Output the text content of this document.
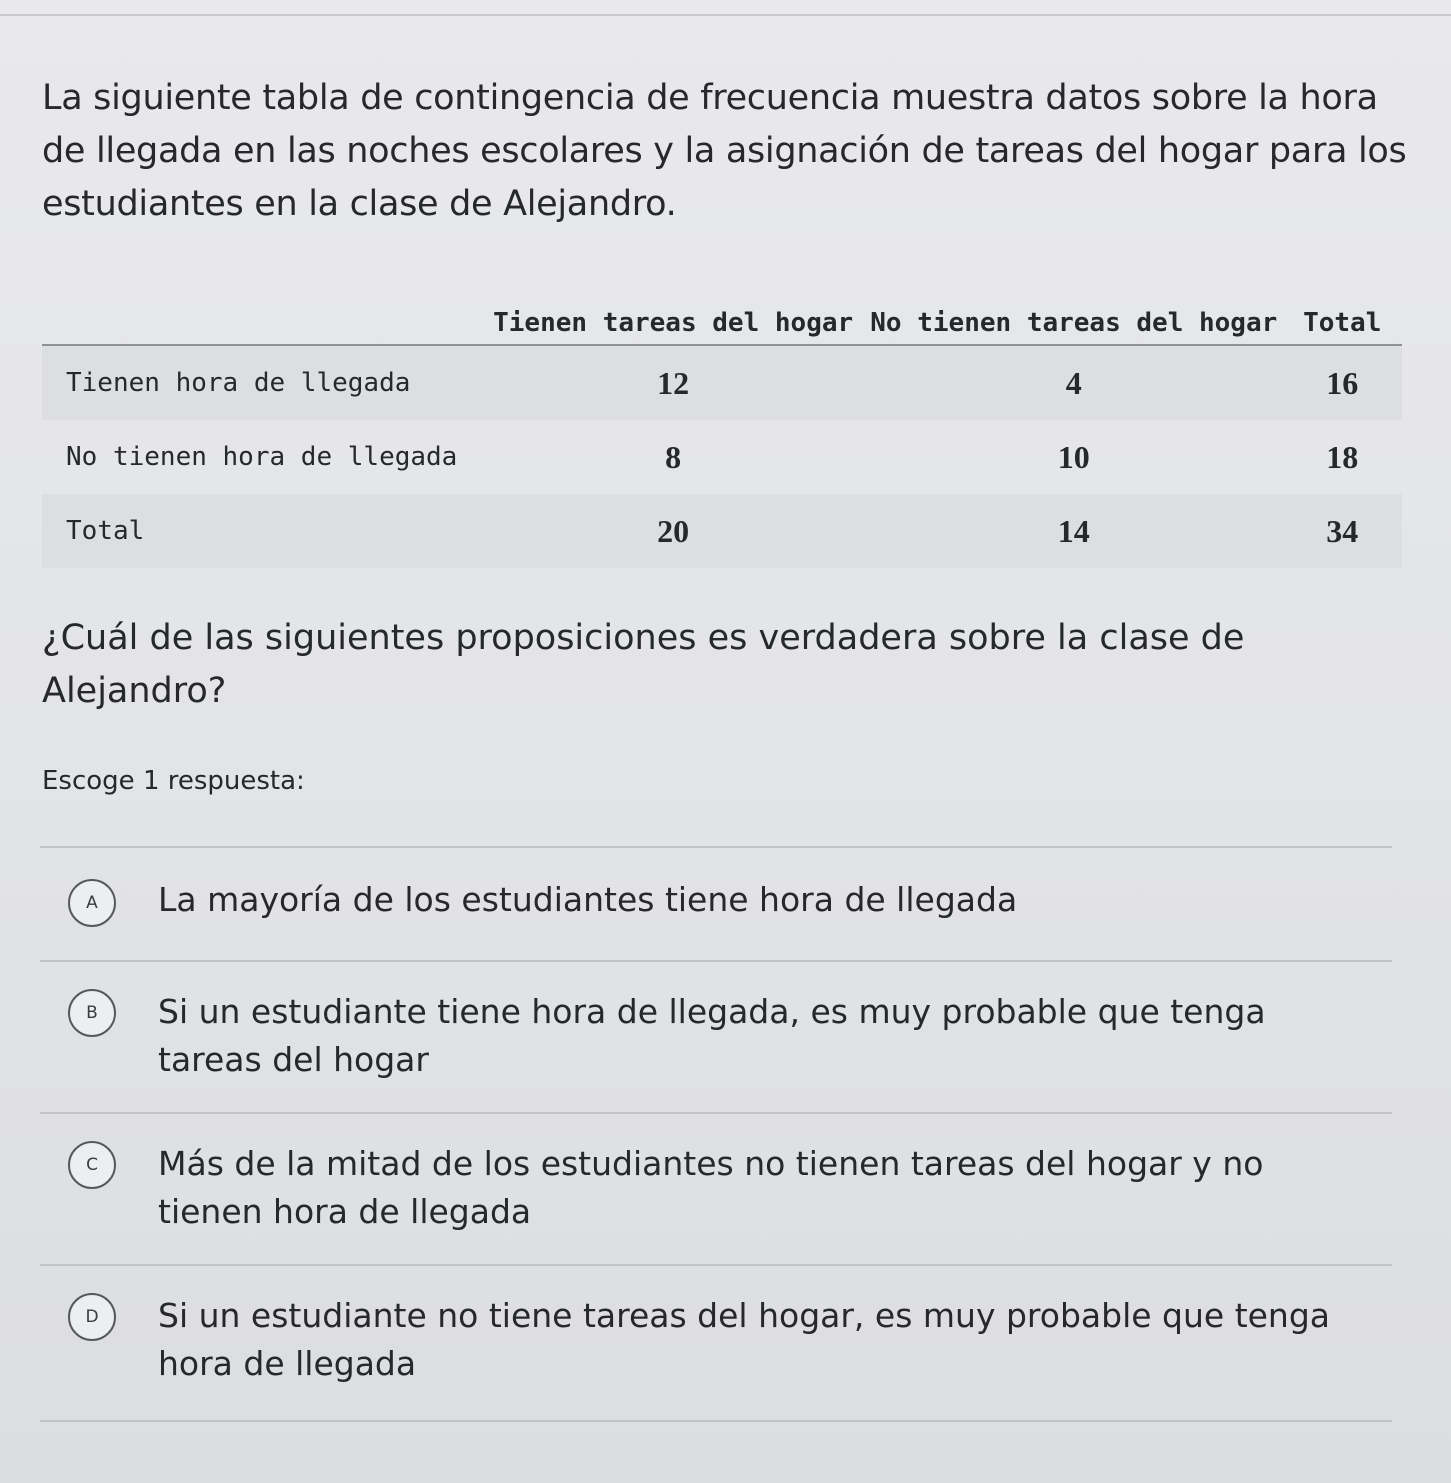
La siguiente tabla de contingencia de frecuencia muestra datos sobre la hora de llegada en las noches escolares y la asignación de tareas del hogar para los estudiantes en la clase de Alejandro.

	Tienen tareas del hogar	No tienen tareas del hogar	Total
Tienen hora de llegada	12	4	16
No tienen hora de llegada	8	10	18
Total	20	14	34

¿Cuál de las siguientes proposiciones es verdadera sobre la clase de Alejandro?

Escoge 1 respuesta:

A	La mayoría de los estudiantes tiene hora de llegada
B	Si un estudiante tiene hora de llegada, es muy probable que tenga tareas del hogar
C	Más de la mitad de los estudiantes no tienen tareas del hogar y no tienen hora de llegada
D	Si un estudiante no tiene tareas del hogar, es muy probable que tenga hora de llegada
